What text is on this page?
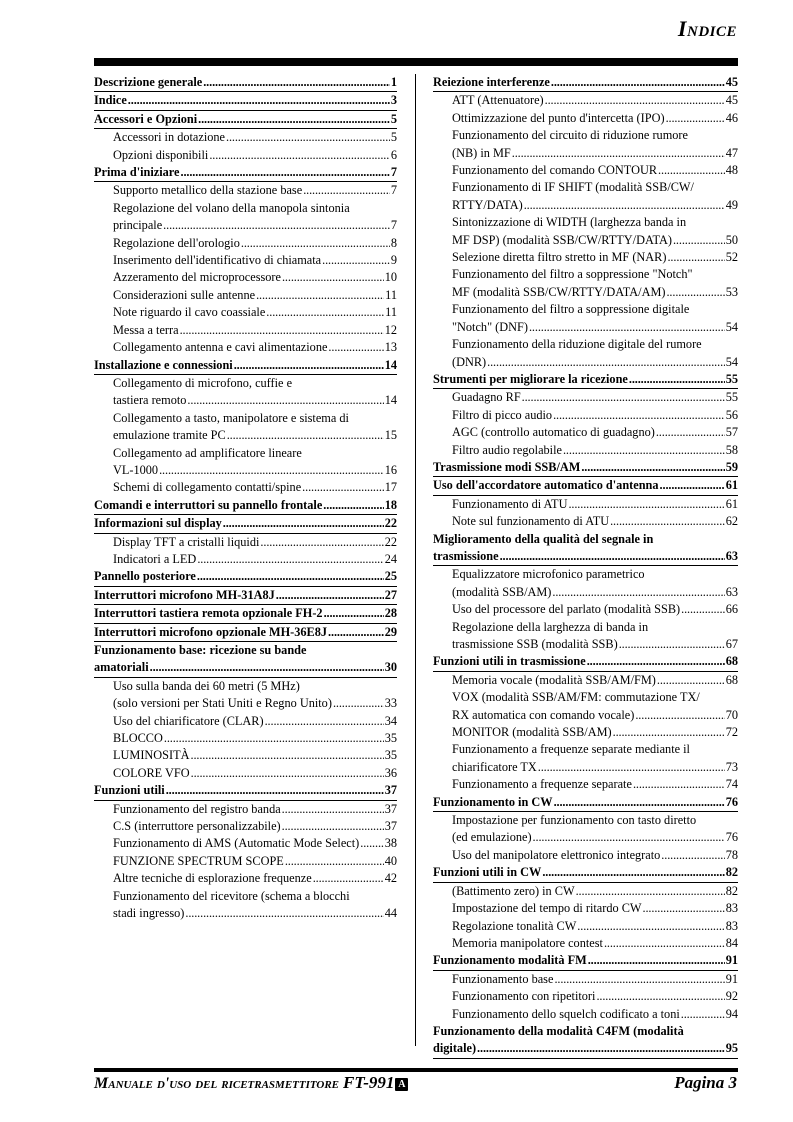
Indice
Descrizione generale . . .	1
Indice . . .	3
Accessori e Opzioni . . .	5
Accessori in dotazione . . .	5
Opzioni disponibili . . .	6
Prima d'iniziare . . .	7
Supporto metallico della stazione base . . .	7
Regolazione del volano della manopola sintonia
principale . . .	7
Regolazione dell'orologio . . .	8
Inserimento dell'identificativo di chiamata . . .	9
Azzeramento del microprocessore . . .	10
Considerazioni sulle antenne . . .	11
Note riguardo il cavo coassiale . . .	11
Messa a terra . . .	12
Collegamento antenna e cavi alimentazione . . .	13
Installazione e connessioni . . .	14
Collegamento di microfono, cuffie e
tastiera remoto . . .	14
Collegamento a tasto, manipolatore e sistema di
emulazione tramite PC . . .	15
Collegamento ad amplificatore lineare
VL-1000 . . .	16
Schemi di collegamento contatti/spine . . .	17
Comandi e interruttori su pannello frontale . . .	18
Informazioni sul display . . .	22
Display TFT a cristalli liquidi . . .	22
Indicatori a LED . . .	24
Pannello posteriore . . .	25
Interruttori microfono MH-31A8J . . .	27
Interruttori tastiera remota opzionale FH-2 . . .	28
Interruttori microfono opzionale MH-36E8J . . .	29
Funzionamento base: ricezione su bande
amatoriali . . .	30
Uso sulla banda dei 60 metri (5 MHz)
(solo versioni per Stati Uniti e Regno Unito) . . .	33
Uso del chiarificatore (CLAR) . . .	34
BLOCCO . . .	35
LUMINOSITÀ . . .	35
COLORE VFO . . .	36
Funzioni utili . . .	37
Funzionamento del registro banda . . .	37
C.S (interruttore personalizzabile) . . .	37
Funzionamento di AMS (Automatic Mode Select) . . . 38
FUNZIONE SPECTRUM SCOPE . . .	40
Altre tecniche di esplorazione frequenze . . .	42
Funzionamento del ricevitore (schema a blocchi
stadi ingresso) . . .	44
Reiezione interferenze . . .	45
ATT (Attenuatore) . . .	45
Ottimizzazione del punto d'intercetta (IPO) . . .	46
Funzionamento del circuito di riduzione rumore
(NB) in MF . . .	47
Funzionamento del comando CONTOUR . . .	48
Funzionamento di IF SHIFT (modalità SSB/CW/
RTTY/DATA) . . .	49
Sintonizzazione di WIDTH (larghezza banda in
MF DSP) (modalità SSB/CW/RTTY/DATA) . . .	50
Selezione diretta filtro stretto in MF (NAR) . . .	52
Funzionamento del filtro a soppressione "Notch"
MF (modalità SSB/CW/RTTY/DATA/AM) . . .	53
Funzionamento del filtro a soppressione digitale
"Notch" (DNF) . . .	54
Funzionamento della riduzione digitale del rumore
(DNR) . . .	54
Strumenti per migliorare la ricezione . . .	55
Guadagno RF . . .	55
Filtro di picco audio . . .	56
AGC (controllo automatico di guadagno) . . .	57
Filtro audio regolabile . . .	58
Trasmissione modi SSB/AM . . .	59
Uso dell'accordatore automatico d'antenna . . .	61
Funzionamento di ATU . . .	61
Note sul funzionamento di ATU . . .	62
Miglioramento della qualità del segnale in
trasmissione . . .	63
Equalizzatore microfonico parametrico
(modalità SSB/AM) . . .	63
Uso del processore del parlato (modalità SSB) . . .	66
Regolazione della larghezza di banda in
trasmissione SSB (modalità SSB) . . .	67
Funzioni utili in trasmissione . . .	68
Memoria vocale (modalità SSB/AM/FM) . . .	68
VOX (modalità SSB/AM/FM: commutazione TX/
RX automatica con comando vocale) . . .	70
MONITOR (modalità SSB/AM) . . .	72
Funzionamento a frequenze separate mediante il
chiarificatore TX . . .	73
Funzionamento a frequenze separate . . .	74
Funzionamento in CW . . .	76
Impostazione per funzionamento con tasto diretto
(ed emulazione) . . .	76
Uso del manipolatore elettronico integrato . . .	78
Funzioni utili in CW . . .	82
(Battimento zero) in CW . . .	82
Impostazione del tempo di ritardo CW . . .	83
Regolazione tonalità CW . . .	83
Memoria manipolatore contest . . .	84
Funzionamento modalità FM . . .	91
Funzionamento base . . .	91
Funzionamento con ripetitori . . .	92
Funzionamento dello squelch codificato a toni . . .	94
Funzionamento della modalità C4FM (modalità
digitale) . . .	95
Manuale d'uso del ricetrasmettitore FT-991 A	Pagina 3
